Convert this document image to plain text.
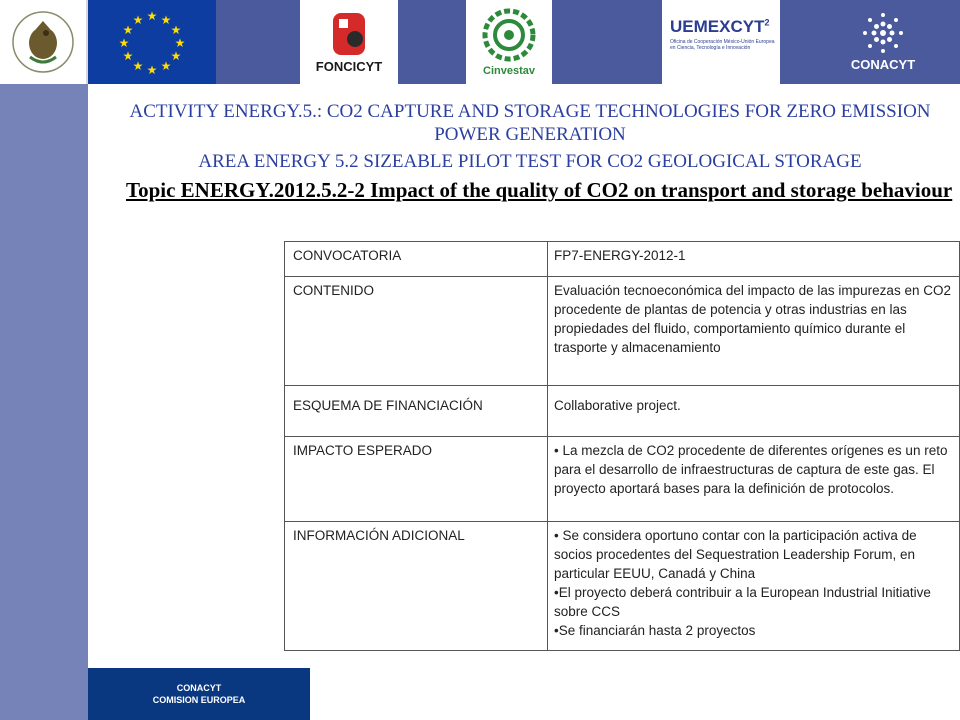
★ ★
★
★
★
★
★
★
★
★
★
★
FONCICYT	Cinvestav
UEMEXCYT$^2$
Oficina de Cooperación México-Unión Europea en Ciencia, Tecnología e Innovación
CONACYT
ACTIVITY ENERGY.5.: CO2 CAPTURE AND STORAGE TECHNOLOGIES FOR ZERO EMISSION POWER GENERATION
AREA ENERGY 5.2 SIZEABLE PILOT TEST FOR CO2 GEOLOGICAL STORAGE
Topic ENERGY.2012.5.2-2 Impact of the quality of CO2 on transport and storage behaviour
CONVOCATORIA	FP7-ENERGY-2012-1
CONTENIDO	Evaluación tecnoeconómica del impacto de las impurezas en CO2 procedente de plantas de potencia y otras industrias en las propiedades del fluido, comportamiento químico durante el trasporte y almacenamiento
ESQUEMA DE FINANCIACIÓN	Collaborative project.
IMPACTO ESPERADO	• La mezcla de CO2 procedente de diferentes orígenes es un reto para el desarrollo de infraestructuras de captura de este gas. El proyecto aportará bases para la definición de protocolos.
INFORMACIÓN ADICIONAL	• Se considera oportuno contar con la participación activa de socios procedentes del Sequestration Leadership Forum, en particular EEUU, Canadá y China
•El proyecto deberá contribuir a la European Industrial Initiative sobre CCS
•Se financiarán hasta 2 proyectos
CONACYT
COMISION EUROPEA
